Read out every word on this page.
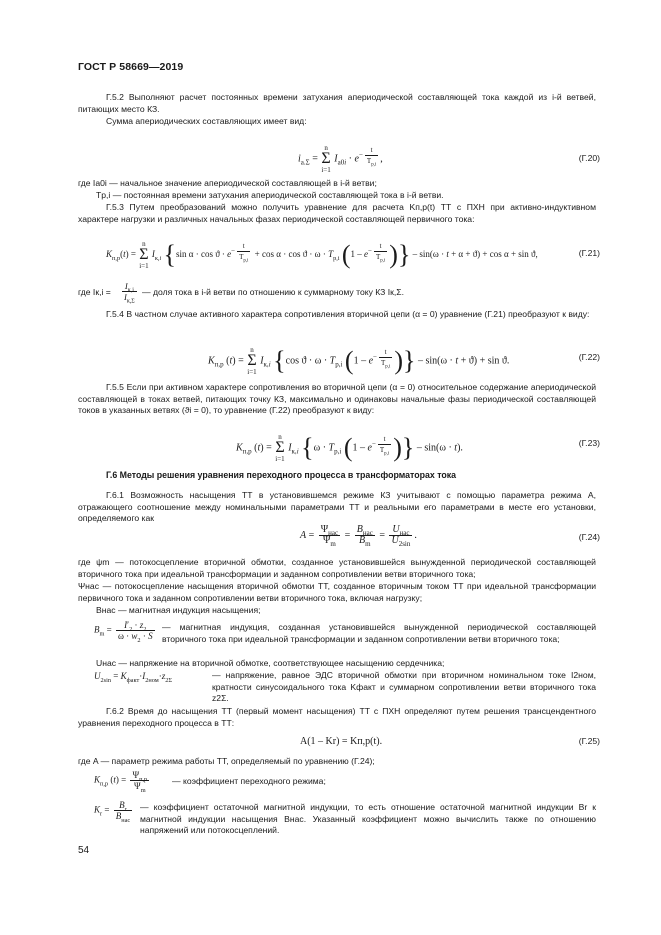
ГОСТ Р 58669—2019
Г.5.2 Выполняют расчет постоянных времени затухания апериодической составляющей тока каждой из i-й ветвей, питающих место КЗ.
Сумма апериодических составляющих имеет вид:
$i_{а.\Sigma} = n$
Σ
i=1 $I_{а0i} \cdot e-$
t
$T_{р,i}$
,	(Г.20)
где Iа0i — начальное значение апериодической составляющей в i-й ветви;
Tр,i — постоянная времени затухания апериодической составляющей тока в i-й ветви.
Г.5.3 Путем преобразований можно получить уравнение для расчета Kп,р(t) ТТ с ПХН при активно-индуктивном характере нагрузки и различных начальных фазах периодической составляющей первичного тока:
$K_{п,р}(t) = n$
Σ
i=1 $I_{к,i}$ {sin α · cos ϑ · e−
t
$T_{р,i}$
+ $\cos \alpha \cdot \cos ϑ \cdot \omega \cdot T_{р,i}$ (1 – e−
t
$T_{р,i}$ )} – sin(ω · t + α + ϑ) + cos α + sin ϑ,	(Г.21)
где Iк,i =
$I_{к,i}$
$I_{к,\Sigma}$
— доля тока в i-й ветви по отношению к суммарному току КЗ Iк,Σ.
Г.5.4 В частном случае активного характера сопротивления вторичной цепи (α = 0) уравнение (Г.21) преобразуют к виду:
$K_{п,р}$ (t) = n
Σ
i=1 $I_{к,i}$ {cos $ϑ \cdot \omega \cdot T_{р,i}$ (1 – e−
t
$T_{р,i}$ )} – sin(ω · t + ϑ) + sin ϑ.	(Г.22)
Г.5.5 Если при активном характере сопротивления во вторичной цепи (α = 0) относительное содержание апериодической составляющей в токах ветвей, питающих точку КЗ, максимально и одинаковы начальные фазы периодической составляющей токов в указанных ветвях (ϑi = 0), то уравнение (Г.22) преобразуют к виду:
$K_{п,р}$ (t) = n
Σ
i=1 $I_{к,i}$ {$\omega \cdot T_{р,i}$ (1 – e−
t
$T_{р,i}$ )} – sin(ω · t).	(Г.23)
Г.6 Методы решения уравнения переходного процесса в трансформаторах тока
Г.6.1 Возможность насыщения ТТ в установившемся режиме КЗ учитывают с помощью параметра режима A, отражающего соотношение между номинальными параметрами ТТ и реальными его параметрами в месте его установки, определяемого как
A =
$\Psi_{нас}$
$\Psi_m$
=
$B_{нас}$
$B_m$
=
$U_{нас}$
$U_{2sin}$
.	(Г.24)
где ψm — потокосцепление вторичной обмотки, созданное установившейся вынужденной периодической составляющей вторичного тока при идеальной трансформации и заданном сопротивлении ветви вторичного тока;
Ψнас — потокосцепление насыщения вторичной обмотки ТТ, созданное вторичным током ТТ при идеальной трансформации первичного тока и заданном сопротивлении ветви вторичного тока, включая нагрузку;
Bнас — магнитная индукция насыщения;
$B_m = \frac{I'_2 \cdot z_2}{\omega \cdot w_2 \cdot S}$ — магнитная индукция, созданная установившейся вынужденной периодической составляющей вторичного тока при идеальной трансформации и заданном сопротивлении ветви вторичного тока;
Uнас — напряжение на вторичной обмотке, соответствующее насыщению сердечника;
$U_{2sin} = K_{факт}\cdot I_{2ном}\cdot z_{2\Sigma}$
— напряжение, равное ЭДС вторичной обмотки при вторичном номинальном токе I2ном, кратности синусоидального тока Kфакт и суммарном сопротивлении ветви вторичного тока z2Σ.
Г.6.2 Время до насыщения ТТ (первый момент насыщения) ТТ с ПХН определяют путем решения трансцендентного уравнения переходного процесса в ТТ:
A(1 – Kr) = Kп,р(t).	(Г.25)
где A — параметр режима работы ТТ, определяемый по уравнению (Г.24);
$K_{п,р}$ $(t) = \Psi_{п,р}$
$\Psi_m$
— коэффициент переходного режима;
$K_r = B_r$
$B_{нас}$
— коэффициент остаточной магнитной индукции, то есть отношение остаточной магнитной индукции Br к магнитной индукции насыщения Bнас. Указанный коэффициент можно вычислить также по отношению напряжений или потокосцеплений.
54
